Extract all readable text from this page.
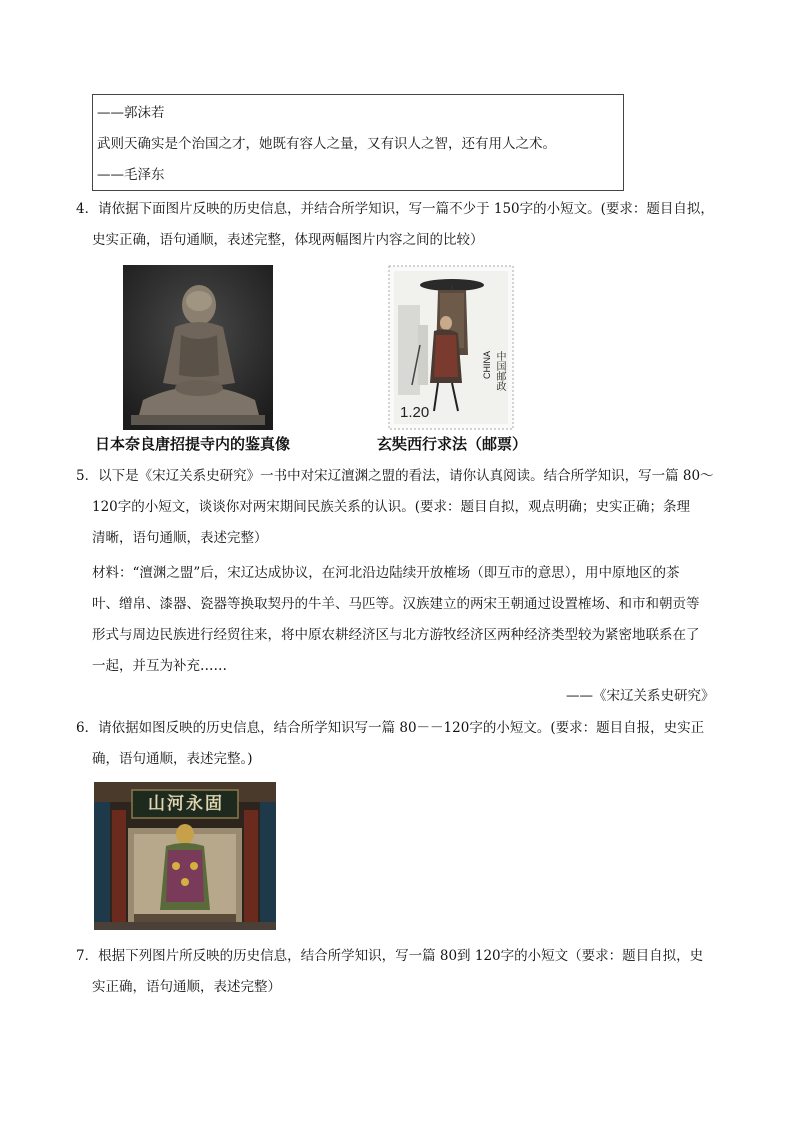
——郭沫若
武则天确实是个治国之才，她既有容人之量，又有识人之智，还有用人之术。
——毛泽东
4．请依据下面图片反映的历史信息，并结合所学知识，写一篇不少于 150字的小短文。(要求：题目自拟，
史实正确，语句通顺，表述完整，体现两幅图片内容之间的比较）
1.20
中国邮政
CHINA
日本奈良唐招提寺内的鉴真像	玄奘西行求法（邮票）
5．以下是《宋辽关系史研究》一书中对宋辽澶渊之盟的看法，请你认真阅读。结合所学知识，写一篇 80～
120字的小短文，谈谈你对两宋期间民族关系的认识。(要求：题目自拟，观点明确；史实正确；条理
清晰，语句通顺，表述完整）
材料：“澶渊之盟”后，宋辽达成协议，在河北沿边陆续开放榷场（即互市的意思），用中原地区的茶
叶、缯帛、漆器、瓷器等换取契丹的牛羊、马匹等。汉族建立的两宋王朝通过设置榷场、和市和朝贡等
形式与周边民族进行经贸往来，将中原农耕经济区与北方游牧经济区两种经济类型较为紧密地联系在了
一起，并互为补充……
——《宋辽关系史研究》
6．请依据如图反映的历史信息，结合所学知识写一篇 80－－120字的小短文。(要求：题目自报，史实正
确，语句通顺，表述完整。)
山河永固
7．根据下列图片所反映的历史信息，结合所学知识，写一篇 80到 120字的小短文（要求：题目自拟，史
实正确，语句通顺，表述完整）
